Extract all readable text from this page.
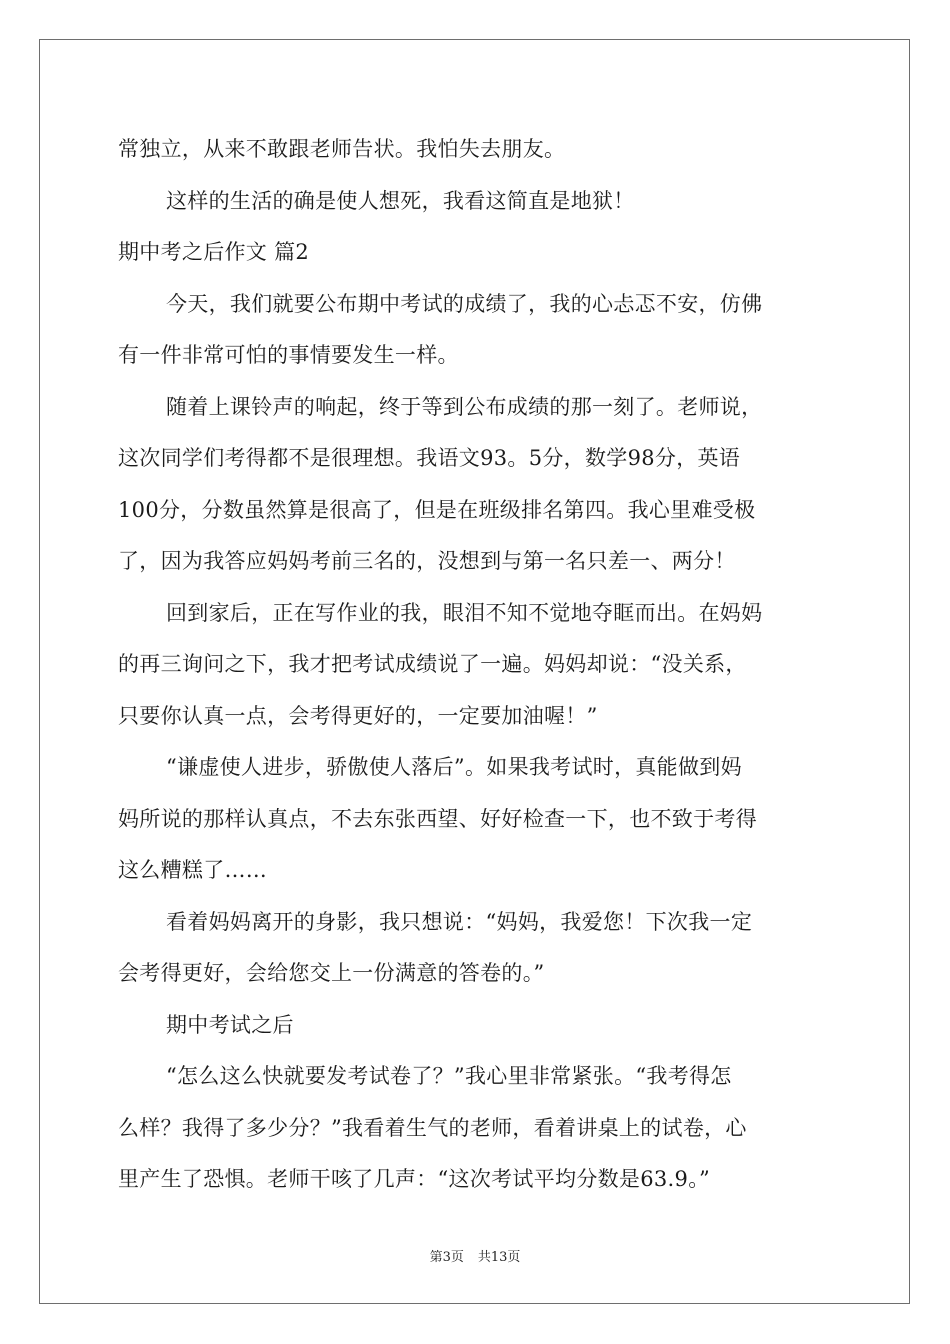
常独立，从来不敢跟老师告状。我怕失去朋友。
这样的生活的确是使人想死，我看这简直是地狱！
期中考之后作文 篇2
今天，我们就要公布期中考试的成绩了，我的心忐忑不安，仿佛
有一件非常可怕的事情要发生一样。
随着上课铃声的响起，终于等到公布成绩的那一刻了。老师说，
这次同学们考得都不是很理想。我语文93。5分，数学98分，英语
100分，分数虽然算是很高了，但是在班级排名第四。我心里难受极
了，因为我答应妈妈考前三名的，没想到与第一名只差一、两分！
回到家后，正在写作业的我，眼泪不知不觉地夺眶而出。在妈妈
的再三询问之下，我才把考试成绩说了一遍。妈妈却说：“没关系，
只要你认真一点，会考得更好的，一定要加油喔！”
“谦虚使人进步，骄傲使人落后”。如果我考试时，真能做到妈
妈所说的那样认真点，不去东张西望、好好检查一下，也不致于考得
这么糟糕了……
看着妈妈离开的身影，我只想说：“妈妈，我爱您！下次我一定
会考得更好，会给您交上一份满意的答卷的。”
期中考试之后
“怎么这么快就要发考试卷了？”我心里非常紧张。“我考得怎
么样？我得了多少分？”我看着生气的老师，看着讲桌上的试卷，心
里产生了恐惧。老师干咳了几声：“这次考试平均分数是63.9。”
第3页 共13页
